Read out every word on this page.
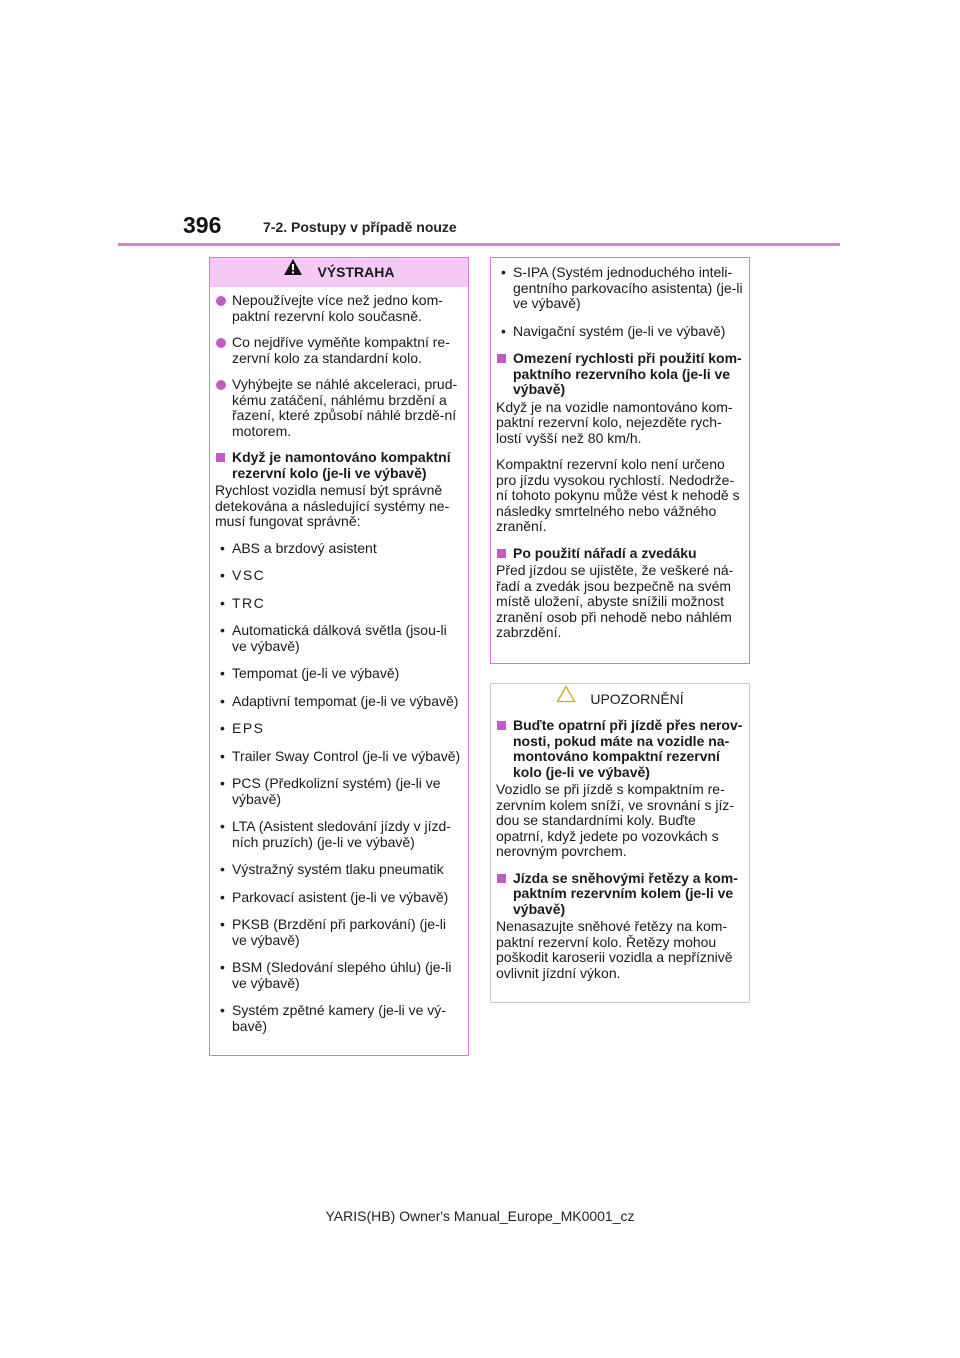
396	7-2. Postupy v případě nouze
VÝSTRAHA
Nepoužívejte více než jedno kom-paktní rezervní kolo současně.
Co nejdříve vyměňte kompaktní re-zervní kolo za standardní kolo.
Vyhýbejte se náhlé akceleraci, prud-kému zatáčení, náhlému brzdění a řazení, které způsobí náhlé brzdě-ní motorem.
Když je namontováno kompaktní rezervní kolo (je-li ve výbavě)
Rychlost vozidla nemusí být správně detekována a následující systémy ne-musí fungovat správně:
• ABS a brzdový asistent
• VSC
• TRC
• Automatická dálková světla (jsou-li ve výbavě)
• Tempomat (je-li ve výbavě)
• Adaptivní tempomat (je-li ve výbavě)
• EPS
• Trailer Sway Control (je-li ve výbavě)
• PCS (Předkolizní systém) (je-li ve výbavě)
• LTA (Asistent sledování jízdy v jízd-ních pruzích) (je-li ve výbavě)
• Výstražný systém tlaku pneumatik
• Parkovací asistent (je-li ve výbavě)
• PKSB (Brzdění při parkování) (je-li ve výbavě)
• BSM (Sledování slepého úhlu) (je-li ve výbavě)
• Systém zpětné kamery (je-li ve vý-bavě)
• S-IPA (Systém jednoduchého inteli-gentního parkovacího asistenta) (je-li ve výbavě)
• Navigační systém (je-li ve výbavě)
Omezení rychlosti při použití kom-paktního rezervního kola (je-li ve výbavě)
Když je na vozidle namontováno kom-paktní rezervní kolo, nejezděte rych-lostí vyšší než 80 km/h.
Kompaktní rezervní kolo není určeno pro jízdu vysokou rychlostí. Nedodrže-ní tohoto pokynu může vést k nehodě s následky smrtelného nebo vážného zranění.
Po použití nářadí a zvedáku
Před jízdou se ujistěte, že veškeré ná-řadí a zvedák jsou bezpečně na svém místě uložení, abyste snížili možnost zranění osob při nehodě nebo náhlém zabrzdění.
UPOZORNĚNÍ
Buďte opatrní při jízdě přes nerov-nosti, pokud máte na vozidle na-montováno kompaktní rezervní kolo (je-li ve výbavě)
Vozidlo se při jízdě s kompaktním re-zervním kolem sníží, ve srovnání s jíz-dou se standardními koly. Buďte opatrní, když jedete po vozovkách s nerovným povrchem.
Jízda se sněhovými řetězy a kom-paktním rezervním kolem (je-li ve výbavě)
Nenasazujte sněhové řetězy na kom-paktní rezervní kolo. Řetězy mohou poškodit karoserii vozidla a nepříznivě ovlivnit jízdní výkon.
YARIS(HB) Owner's Manual_Europe_MK0001_cz
